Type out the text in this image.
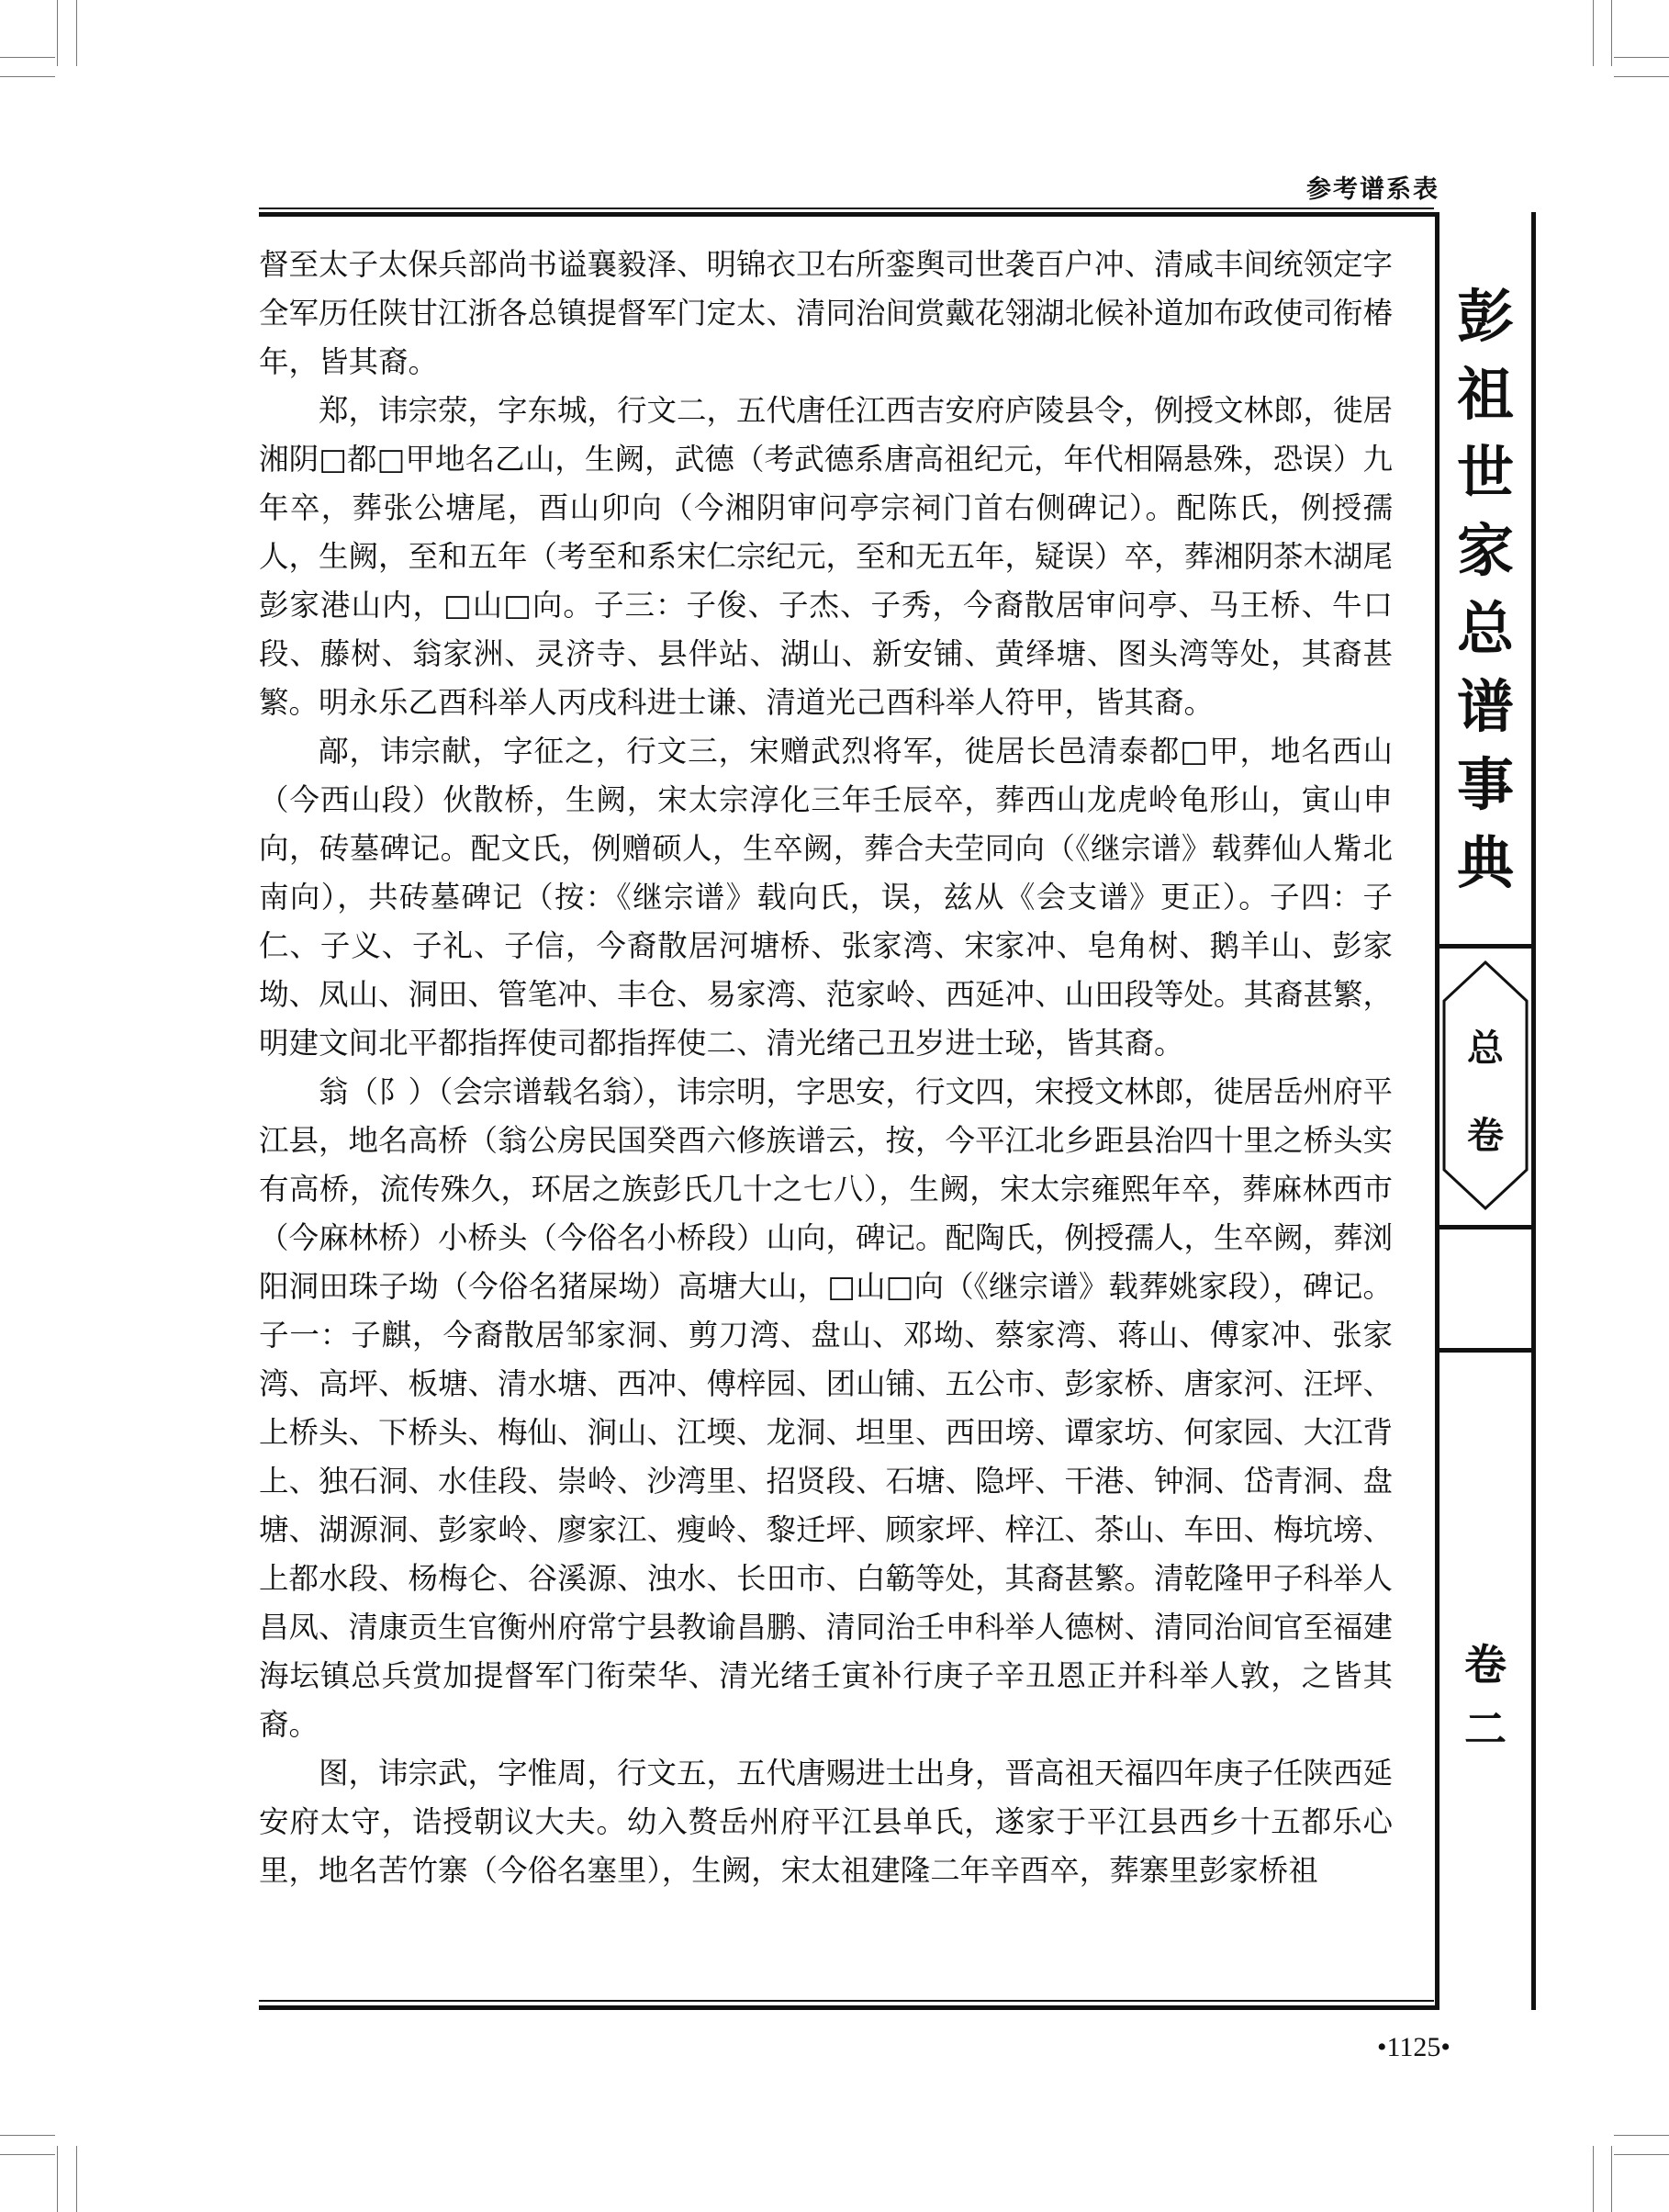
参考谱系表
彭
祖
世
家
总
谱
事
典
总
卷
卷
二

督至太子太保兵部尚书谥襄毅泽、明锦衣卫右所銮舆司世袭百户冲、清咸丰间统领定字全军历任陕甘江浙各总镇提督军门定太、清同治间赏戴花翎湖北候补道加布政使司衔椿年，皆其裔。

郑，讳宗荥，字东城，行文二，五代唐任江西吉安府庐陵县令，例授文林郎，徙居湘阴□都□甲地名乙山，生阙，武德（考武德系唐高祖纪元，年代相隔悬殊，恐误）九年卒，葬张公塘尾，酉山卯向（今湘阴审问亭宗祠门首右侧碑记）。配陈氏，例授孺人，生阙，至和五年（考至和系宋仁宗纪元，至和无五年，疑误）卒，葬湘阴茶木湖尾彭家港山内，□山□向。子三：子俊、子杰、子秀，今裔散居审问亭、马王桥、牛口段、藤树、翁家洲、灵济寺、县伴站、湖山、新安铺、黄绎塘、图头湾等处，其裔甚繁。明永乐乙酉科举人丙戌科进士谦、清道光己酉科举人符甲，皆其裔。

鄗，讳宗献，字征之，行文三，宋赠武烈将军，徙居长邑清泰都□甲，地名西山（今西山段）伙散桥，生阙，宋太宗淳化三年壬辰卒，葬西山龙虎岭龟形山，寅山申向，砖墓碑记。配文氏，例赠硕人，生卒阙，葬合夫茔同向（《继宗谱》载葬仙人觜北南向），共砖墓碑记（按：《继宗谱》载向氏，误，兹从《会支谱》更正）。子四：子仁、子义、子礼、子信，今裔散居河塘桥、张家湾、宋家冲、皂角树、鹅羊山、彭家坳、凤山、洞田、管笔冲、丰仓、易家湾、范家岭、西延冲、山田段等处。其裔甚繁，明建文间北平都指挥使司都指挥使二、清光绪己丑岁进士珌，皆其裔。

翁（阝）（会宗谱载名翁），讳宗明，字思安，行文四，宋授文林郎，徙居岳州府平江县，地名高桥（翁公房民国癸酉六修族谱云，按，今平江北乡距县治四十里之桥头实有高桥，流传殊久，环居之族彭氏几十之七八），生阙，宋太宗雍熙年卒，葬麻林西市（今麻林桥）小桥头（今俗名小桥段）山向，碑记。配陶氏，例授孺人，生卒阙，葬浏阳洞田珠子坳（今俗名猪屎坳）高塘大山，□山□向（《继宗谱》载葬姚家段），碑记。子一：子麒，今裔散居邹家洞、剪刀湾、盘山、邓坳、蔡家湾、蒋山、傅家冲、张家湾、高坪、板塘、清水塘、西冲、傅梓园、团山铺、五公市、彭家桥、唐家河、汪坪、上桥头、下桥头、梅仙、涧山、江堧、龙洞、坦里、西田塝、谭家坊、何家园、大江背上、独石洞、水佳段、崇岭、沙湾里、招贤段、石塘、隐坪、干港、钟洞、岱青洞、盘塘、湖源洞、彭家岭、廖家江、瘦岭、黎迁坪、顾家坪、梓江、茶山、车田、梅坑塝、上都水段、杨梅仑、谷溪源、浊水、长田市、白簕等处，其裔甚繁。清乾隆甲子科举人昌凤、清康贡生官衡州府常宁县教谕昌鹏、清同治壬申科举人德树、清同治间官至福建海坛镇总兵赏加提督军门衔荣华、清光绪壬寅补行庚子辛丑恩正并科举人敦，之皆其裔。

图，讳宗武，字惟周，行文五，五代唐赐进士出身，晋高祖天福四年庚子任陕西延安府太守，诰授朝议大夫。幼入赘岳州府平江县单氏，遂家于平江县西乡十五都乐心里，地名苦竹寨（今俗名塞里），生阙，宋太祖建隆二年辛酉卒，葬寨里彭家桥祖

•1125•
